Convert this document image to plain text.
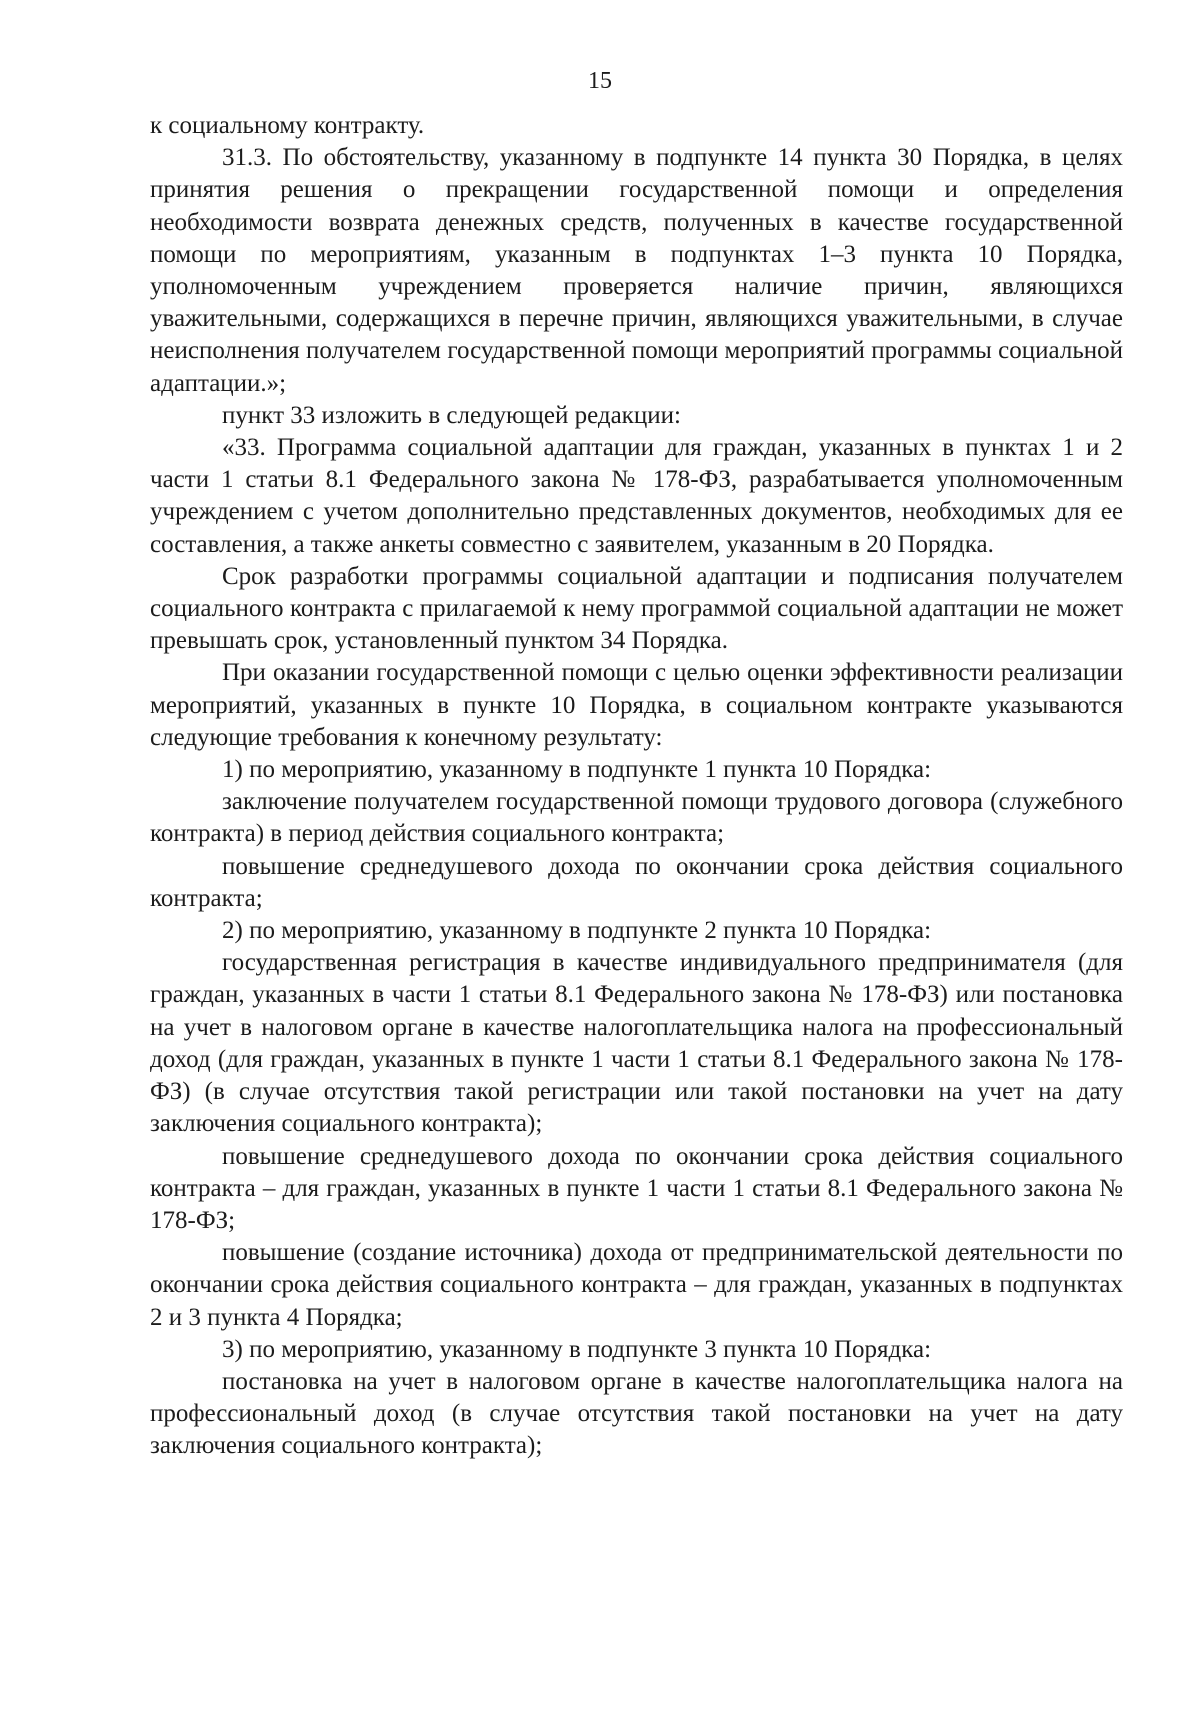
15

к социальному контракту.

31.3. По обстоятельству, указанному в подпункте 14 пункта 30 Порядка, в целях принятия решения о прекращении государственной помощи и определения необходимости возврата денежных средств, полученных в качестве государственной помощи по мероприятиям, указанным в подпунктах 1–3 пункта 10 Порядка, уполномоченным учреждением проверяется наличие причин, являющихся уважительными, содержащихся в перечне причин, являющихся уважительными, в случае неисполнения получателем государственной помощи мероприятий программы социальной адаптации.»;

пункт 33 изложить в следующей редакции:

«33. Программа социальной адаптации для граждан, указанных в пунктах 1 и 2 части 1 статьи 8.1 Федерального закона № 178-ФЗ, разрабатывается уполномоченным учреждением с учетом дополнительно представленных документов, необходимых для ее составления, а также анкеты совместно с заявителем, указанным в 20 Порядка.

Срок разработки программы социальной адаптации и подписания получателем социального контракта с прилагаемой к нему программой социальной адаптации не может превышать срок, установленный пунктом 34 Порядка.

При оказании государственной помощи с целью оценки эффективности реализации мероприятий, указанных в пункте 10 Порядка, в социальном контракте указываются следующие требования к конечному результату:

1) по мероприятию, указанному в подпункте 1 пункта 10 Порядка:

заключение получателем государственной помощи трудового договора (служебного контракта) в период действия социального контракта;

повышение среднедушевого дохода по окончании срока действия социального контракта;

2) по мероприятию, указанному в подпункте 2 пункта 10 Порядка:

государственная регистрация в качестве индивидуального предпринимателя (для граждан, указанных в части 1 статьи 8.1 Федерального закона № 178-ФЗ) или постановка на учет в налоговом органе в качестве налогоплательщика налога на профессиональный доход (для граждан, указанных в пункте 1 части 1 статьи 8.1 Федерального закона № 178-ФЗ) (в случае отсутствия такой регистрации или такой постановки на учет на дату заключения социального контракта);

повышение среднедушевого дохода по окончании срока действия социального контракта – для граждан, указанных в пункте 1 части 1 статьи 8.1 Федерального закона № 178-ФЗ;

повышение (создание источника) дохода от предпринимательской деятельности по окончании срока действия социального контракта – для граждан, указанных в подпунктах 2 и 3 пункта 4 Порядка;

3) по мероприятию, указанному в подпункте 3 пункта 10 Порядка:

постановка на учет в налоговом органе в качестве налогоплательщика налога на профессиональный доход (в случае отсутствия такой постановки на учет на дату заключения социального контракта);
